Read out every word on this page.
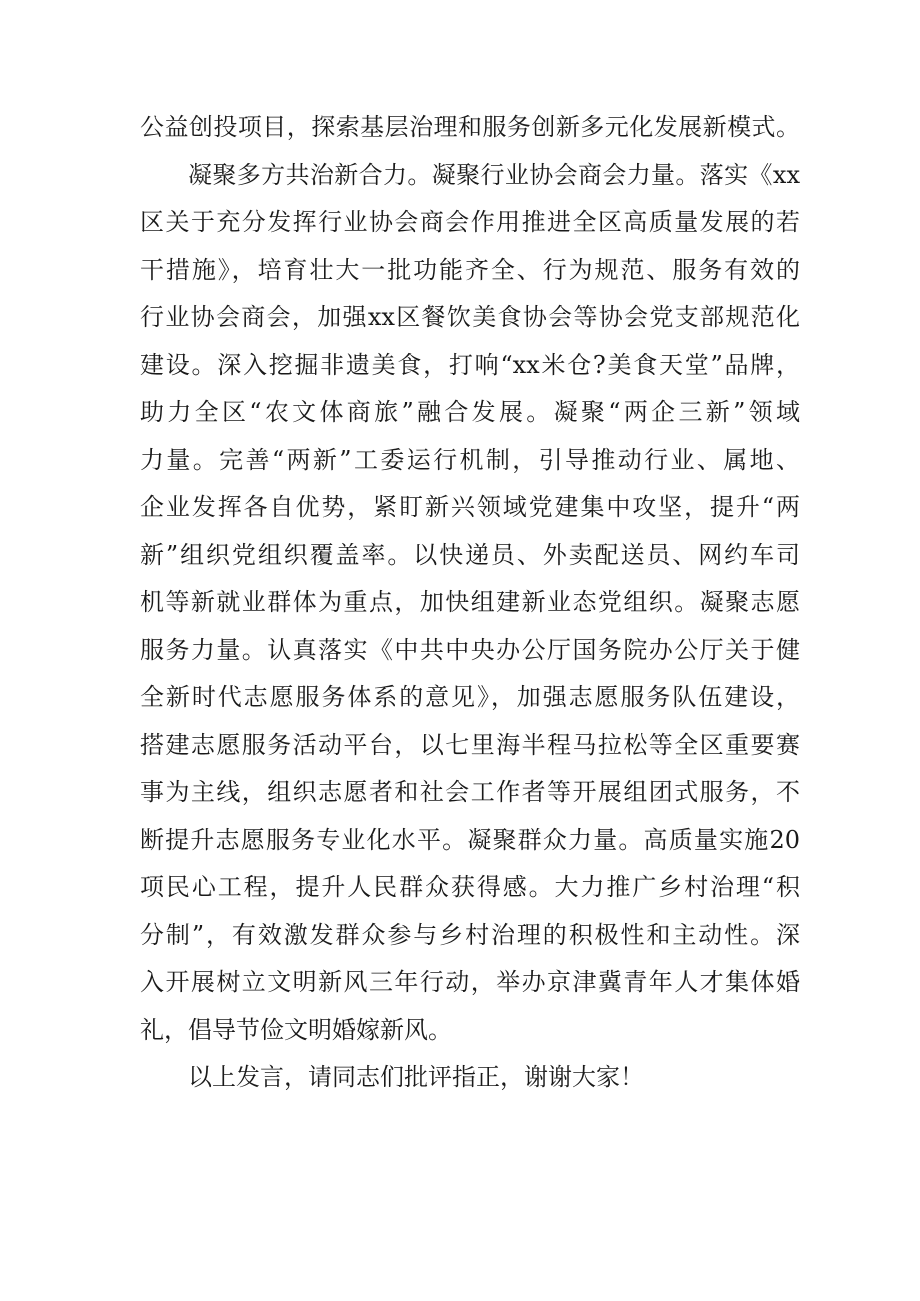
公益创投项目，探索基层治理和服务创新多元化发展新模式。
凝聚多方共治新合力。凝聚行业协会商会力量。落实《xx
区关于充分发挥行业协会商会作用推进全区高质量发展的若
干措施》，培育壮大一批功能齐全、行为规范、服务有效的
行业协会商会，加强xx区餐饮美食协会等协会党支部规范化
建设。深入挖掘非遗美食，打响“xx米仓?美食天堂”品牌，
助力全区“农文体商旅”融合发展。凝聚“两企三新”领域
力量。完善“两新”工委运行机制，引导推动行业、属地、
企业发挥各自优势，紧盯新兴领域党建集中攻坚，提升“两
新”组织党组织覆盖率。以快递员、外卖配送员、网约车司
机等新就业群体为重点，加快组建新业态党组织。凝聚志愿
服务力量。认真落实《中共中央办公厅国务院办公厅关于健
全新时代志愿服务体系的意见》，加强志愿服务队伍建设，
搭建志愿服务活动平台，以七里海半程马拉松等全区重要赛
事为主线，组织志愿者和社会工作者等开展组团式服务，不
断提升志愿服务专业化水平。凝聚群众力量。高质量实施20
项民心工程，提升人民群众获得感。大力推广乡村治理“积
分制”，有效激发群众参与乡村治理的积极性和主动性。深
入开展树立文明新风三年行动，举办京津冀青年人才集体婚
礼，倡导节俭文明婚嫁新风。
以上发言，请同志们批评指正，谢谢大家！
